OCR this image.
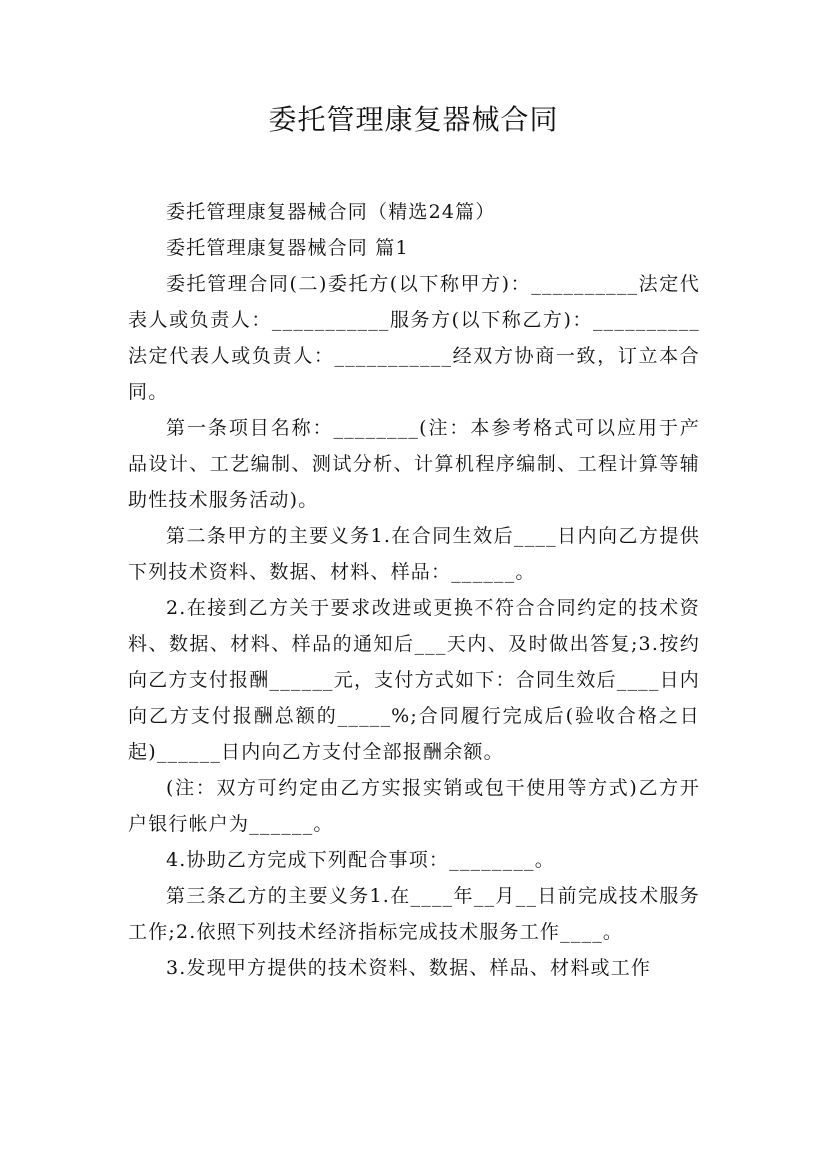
委托管理康复器械合同

委托管理康复器械合同（精选24篇）

委托管理康复器械合同 篇1

委托管理合同(二)委托方(以下称甲方)：__________法定代表人或负责人：___________服务方(以下称乙方)：__________法定代表人或负责人：___________经双方协商一致，订立本合同。

第一条项目名称：________(注：本参考格式可以应用于产品设计、工艺编制、测试分析、计算机程序编制、工程计算等辅助性技术服务活动)。

第二条甲方的主要义务1.在合同生效后____日内向乙方提供下列技术资料、数据、材料、样品：______。

2.在接到乙方关于要求改进或更换不符合合同约定的技术资料、数据、材料、样品的通知后___天内、及时做出答复;3.按约向乙方支付报酬______元，支付方式如下：合同生效后____日内向乙方支付报酬总额的_____%;合同履行完成后(验收合格之日起)______日内向乙方支付全部报酬余额。

(注：双方可约定由乙方实报实销或包干使用等方式)乙方开户银行帐户为______。

4.协助乙方完成下列配合事项：________。

第三条乙方的主要义务1.在____年__月__日前完成技术服务工作;2.依照下列技术经济指标完成技术服务工作____。

3.发现甲方提供的技术资料、数据、样品、材料或工作
